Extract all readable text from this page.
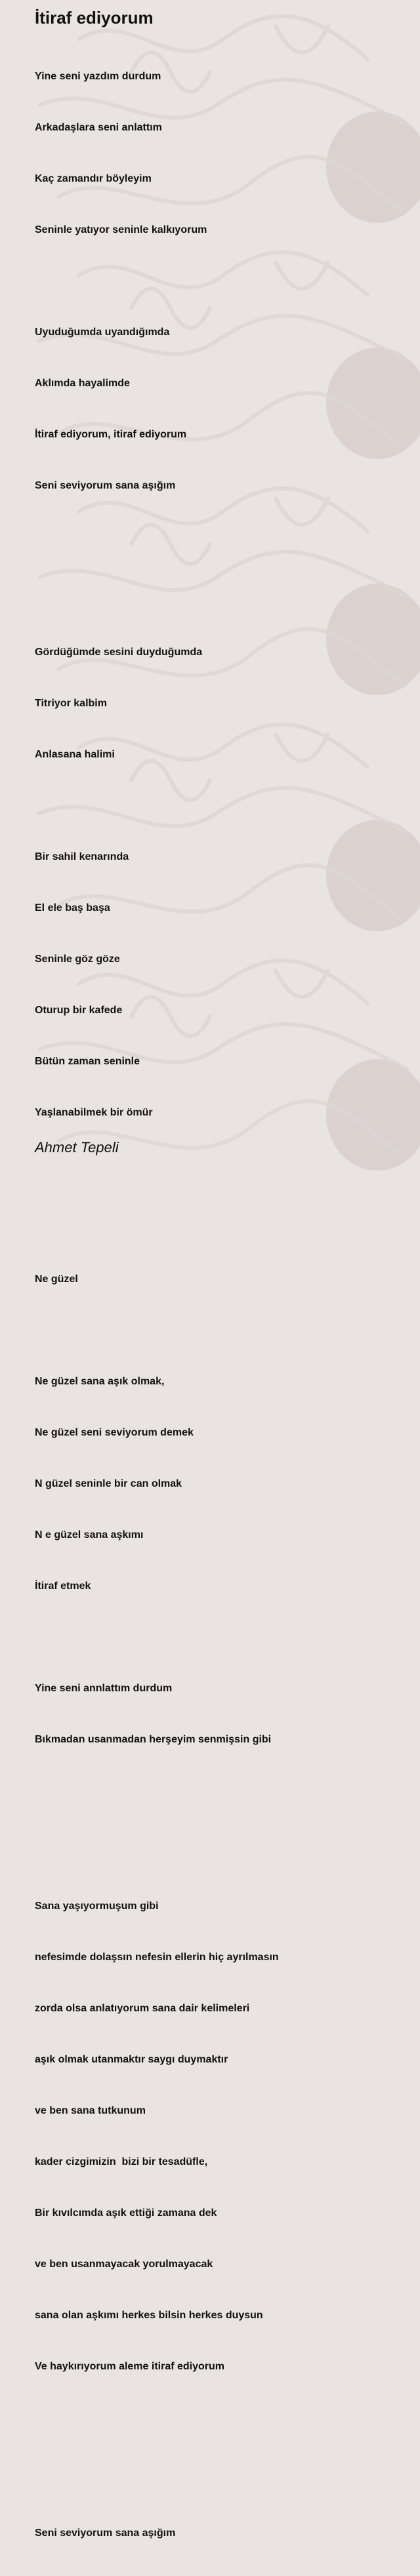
İtiraf ediyorum

Yine seni yazdım durdum

Arkadaşlara seni anlattım

Kaç zamandır böyleyim

Seninle yatıyor seninle kalkıyorum

Uyuduğumda uyandığımda

Aklımda hayalimde

İtiraf ediyorum, itiraf ediyorum

Seni seviyorum sana aşığım

Gördüğümde sesini duyduğumda

Titriyor kalbim

Anlasana halimi

Bir sahil kenarında

El ele baş başa

Seninle göz göze

Oturup bir kafede

Bütün zaman seninle

Yaşlanabilmek bir ömür

Ne güzel

Ne güzel sana aşık olmak,

Ne güzel seni seviyorum demek

N güzel seninle bir can olmak

N e güzel sana aşkımı

İtiraf etmek

Yine seni annlattım durdum

Bıkmadan usanmadan herşeyim senmişsin gibi

Sana yaşıyormuşum gibi

nefesimde dolaşsın nefesin ellerin hiç ayrılmasın

zorda olsa anlatıyorum sana dair kelimeleri

aşık olmak utanmaktır saygı duymaktır

ve ben sana tutkunum

kader cizgimizin  bizi bir tesadüfle,

Bir kıvılcımda aşık ettiği zamana dek

ve ben usanmayacak yorulmayacak

sana olan aşkımı herkes bilsin herkes duysun

Ve haykırıyorum aleme itiraf ediyorum

Seni seviyorum sana aşığım

Ahmet Tepeli
